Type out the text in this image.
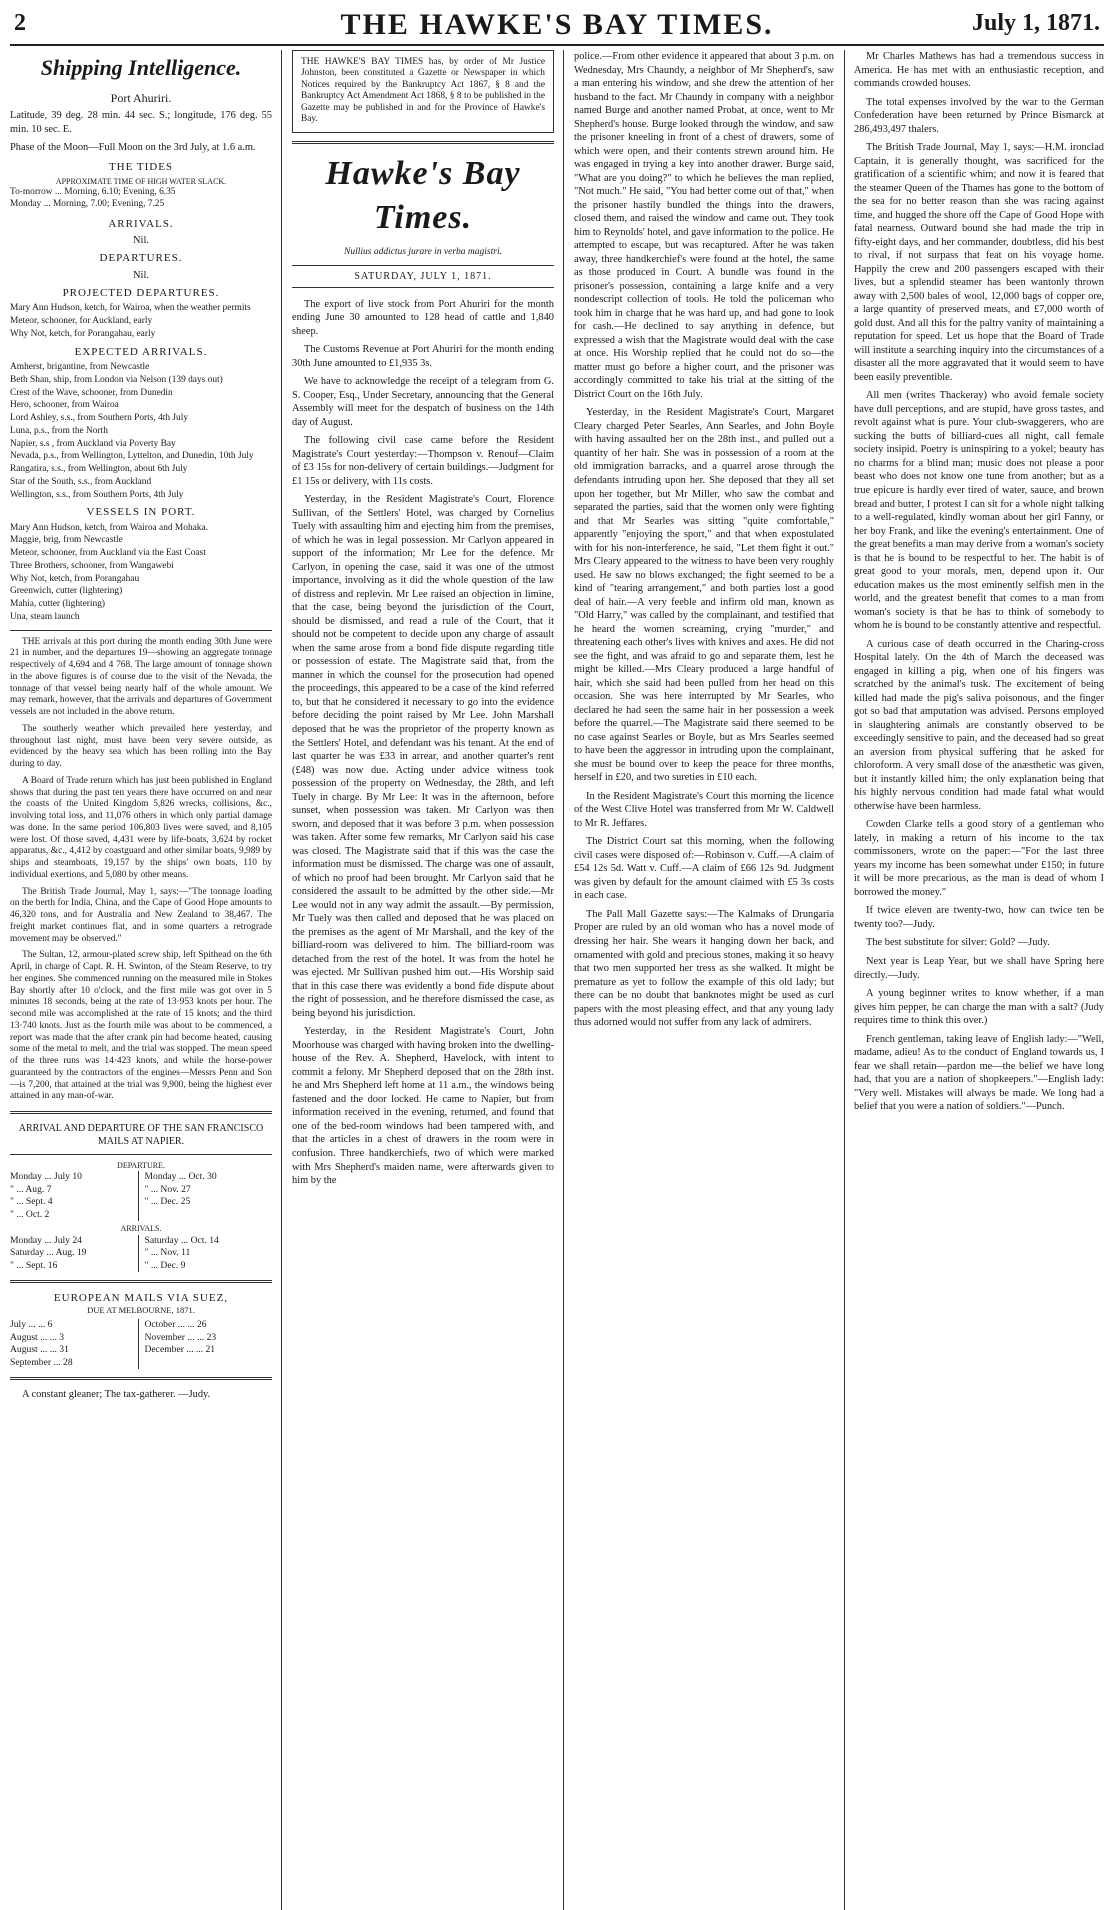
2	THE HAWKE'S BAY TIMES.	July 1, 1871.
Shipping Intelligence.
Port Ahuriri.

Latitude, 39 deg. 28 min. 44 sec. S.; longitude, 176 deg. 55 min. 10 sec. E.

Phase of the Moon—Full Moon on the 3rd July, at 1.6 a.m.

THE TIDES
APPROXIMATE TIME OF HIGH WATER SLACK.
To-morrow ... Morning, 6.10; Evening, 6.35
Monday ... Morning, 7.00; Evening, 7.25
ARRIVALS.
Nil.
DEPARTURES.
Nil.
PROJECTED DEPARTURES.
Mary Ann Hudson, ketch, for Wairoa, when the weather permits
Meteor, schooner, for Auckland, early
Why Not, ketch, for Porangahau, early
EXPECTED ARRIVALS.
Amherst, brigantine, from Newcastle
Beth Shan, ship, from London via Nelson (139 days out)
Crest of the Wave, schooner, from Dunedin
Hero, schooner, from Wairoa
Lord Ashley, s.s., from Southern Ports, 4th July
Luna, p.s., from the North
Napier, s.s , from Auckland via Poverty Bay
Nevada, p.s., from Wellington, Lyttelton, and Dunedin, 10th July
Rangatira, s.s., from Wellington, about 6th July
Star of the South, s.s., from Auckland
Wellington, s.s., from Southern Ports, 4th July
VESSELS IN PORT.
Mary Ann Hudson, ketch, from Wairoa and Mohaka.
Maggie, brig, from Newcastle
Meteor, schooner, from Auckland via the East Coast
Three Brothers, schooner, from Wangawebi
Why Not, ketch, from Porangahau
Greenwich, cutter (lightering)
Mahia, cutter (lightering)
Una, steam launch

THE arrivals at this port during the month ending 30th June were 21 in number, and the departures 19—showing an aggregate tonnage respectively of 4,694 and 4 768. The large amount of tonnage shown in the above figures is of course due to the visit of the Nevada, the tonnage of that vessel being nearly half of the whole amount. We may remark, however, that the arrivals and departures of Government vessels are not included in the above return.

The southerly weather which prevailed here yesterday, and throughout last night, must have been very severe outside, as evidenced by the heavy sea which has been rolling into the Bay during to day.

A Board of Trade return which has just been published in England shows that during the past ten years there have occurred on and near the coasts of the United Kingdom 5,826 wrecks, collisions, &c., involving total loss, and 11,076 others in which only partial damage was done. In the same period 106,803 lives were saved, and 8,105 were lost. Of those saved, 4,431 were by life-boats, 3,624 by rocket apparatus, &c., 4,412 by coastguard and other similar boats, 9,989 by ships and steamboats, 19,157 by the ships' own boats, 110 by individual exertions, and 5,080 by other means.

The British Trade Journal, May 1, says:—"The tonnage loading on the berth for India, China, and the Cape of Good Hope amounts to 46,320 tons, and for Australia and New Zealand to 38,467. The freight market continues flat, and in some quarters a retrograde movement may be observed."

The Sultan, 12, armour-plated screw ship, left Spithead on the 6th April, in charge of Capt. R. H. Swinton, of the Steam Reserve, to try her engines. She commenced running on the measured mile in Stokes Bay shortly after 10 o'clock, and the first mile was got over in 5 minutes 18 seconds, being at the rate of 13·953 knots per hour. The second mile was accomplished at the rate of 15 knots; and the third 13·740 knots. Just as the fourth mile was about to be commenced, a report was made that the after crank pin had become heated, causing some of the metal to melt, and the trial was stopped. The mean speed of the three runs was 14·423 knots, and while the horse-power guaranteed by the contractors of the engines—Messrs Penn and Son—is 7,200, that attained at the trial was 9,900, being the highest ever attained in any man-of-war.

ARRIVAL AND DEPARTURE OF THE SAN FRANCISCO MAILS AT NAPIER.
DEPARTURE.
Monday ... July 10	Monday ... Oct. 30
" ... Aug. 7	" ... Nov. 27
" ... Sept. 4	" ... Dec. 25
" ... Oct. 2
ARRIVALS.
Monday ... July 24	Saturday ... Oct. 14
Saturday ... Aug. 19	" ... Nov. 11
" ... Sept. 16	" ... Dec. 9
EUROPEAN MAILS VIA SUEZ,
DUE AT MELBOURNE, 1871.
July ... ... 6	October ... ... 26
August ... ... 3	November ... ... 23
August ... ... 31	December ... ... 21
September ... 28

A constant gleaner; The tax-gatherer. —Judy.

THE HAWKE'S BAY TIMES has, by order of Mr Justice Johnston, been constituted a Gazette or Newspaper in which Notices required by the Bankruptcy Act 1867, § 8 and the Bankruptcy Act Amendment Act 1868, § 8 to be published in the Gazette may be published in and for the Province of Hawke's Bay.
Hawke's Bay Times.
Nullius addictus jurare in verba magistri.
SATURDAY, JULY 1, 1871.

The export of live stock from Port Ahuriri for the month ending June 30 amounted to 128 head of cattle and 1,840 sheep.

The Customs Revenue at Port Ahuriri for the month ending 30th June amounted to £1,935 3s.

We have to acknowledge the receipt of a telegram from G. S. Cooper, Esq., Under Secretary, announcing that the General Assembly will meet for the despatch of business on the 14th day of August.

The following civil case came before the Resident Magistrate's Court yesterday:—Thompson v. Renouf—Claim of £3 15s for non-delivery of certain buildings.—Judgment for £1 15s or delivery, with 11s costs.

Yesterday, in the Resident Magistrate's Court, Florence Sullivan, of the Settlers' Hotel, was charged by Cornelius Tuely with assaulting him and ejecting him from the premises, of which he was in legal possession. Mr Carlyon appeared in support of the information; Mr Lee for the defence. Mr Carlyon, in opening the case, said it was one of the utmost importance, involving as it did the whole question of the law of distress and replevin. Mr Lee raised an objection in limine, that the case, being beyond the jurisdiction of the Court, should be dismissed, and read a rule of the Court, that it should not be competent to decide upon any charge of assault when the same arose from a bond fide dispute regarding title or possession of estate. The Magistrate said that, from the manner in which the counsel for the prosecution had opened the proceedings, this appeared to be a case of the kind referred to, but that he considered it necessary to go into the evidence before deciding the point raised by Mr Lee. John Marshall deposed that he was the proprietor of the property known as the Settlers' Hotel, and defendant was his tenant. At the end of last quarter he was £33 in arrear, and another quarter's rent (£48) was now due. Acting under advice witness took possession of the property on Wednesday, the 28th, and left Tuely in charge. By Mr Lee: It was in the afternoon, before sunset, when possession was taken. Mr Carlyon was then sworn, and deposed that it was before 3 p.m. when possession was taken. After some few remarks, Mr Carlyon said his case was closed. The Magistrate said that if this was the case the information must be dismissed. The charge was one of assault, of which no proof had been brought. Mr Carlyon said that he considered the assault to be admitted by the other side.—Mr Lee would not in any way admit the assault.—By permission, Mr Tuely was then called and deposed that he was placed on the premises as the agent of Mr Marshall, and the key of the billiard-room was delivered to him. The billiard-room was detached from the rest of the hotel. It was from the hotel he was ejected. Mr Sullivan pushed him out.—His Worship said that in this case there was evidently a bond fide dispute about the right of possession, and he therefore dismissed the case, as being beyond his jurisdiction.

Yesterday, in the Resident Magistrate's Court, John Moorhouse was charged with having broken into the dwelling-house of the Rev. A. Shepherd, Havelock, with intent to commit a felony. Mr Shepherd deposed that on the 28th inst. he and Mrs Shepherd left home at 11 a.m., the windows being fastened and the door locked. He came to Napier, but from information received in the evening, returned, and found that one of the bed-room windows had been tampered with, and that the articles in a chest of drawers in the room were in confusion. Three handkerchiefs, two of which were marked with Mrs Shepherd's maiden name, were afterwards given to him by the

police.—From other evidence it appeared that about 3 p.m. on Wednesday, Mrs Chaundy, a neighbor of Mr Shepherd's, saw a man entering his window, and she drew the attention of her husband to the fact. Mr Chaundy in company with a neighbor named Burge and another named Probat, at once, went to Mr Shepherd's house. Burge looked through the window, and saw the prisoner kneeling in front of a chest of drawers, some of which were open, and their contents strewn around him. He was engaged in trying a key into another drawer. Burge said, "What are you doing?" to which he believes the man replied, "Not much." He said, "You had better come out of that," when the prisoner hastily bundled the things into the drawers, closed them, and raised the window and came out. They took him to Reynolds' hotel, and gave information to the police. He attempted to escape, but was recaptured. After he was taken away, three handkerchief's were found at the hotel, the same as those produced in Court. A bundle was found in the prisoner's possession, containing a large knife and a very nondescript collection of tools. He told the policeman who took him in charge that he was hard up, and had gone to look for cash.—He declined to say anything in defence, but expressed a wish that the Magistrate would deal with the case at once. His Worship replied that he could not do so—the matter must go before a higher court, and the prisoner was accordingly committed to take his trial at the sitting of the District Court on the 16th July.

Yesterday, in the Resident Magistrate's Court, Margaret Cleary charged Peter Searles, Ann Searles, and John Boyle with having assaulted her on the 28th inst., and pulled out a quantity of her hair. She was in possession of a room at the old immigration barracks, and a quarrel arose through the defendants intruding upon her. She deposed that they all set upon her together, but Mr Miller, who saw the combat and separated the parties, said that the women only were fighting and that Mr Searles was sitting "quite comfortable," apparently "enjoying the sport," and that when expostulated with for his non-interference, he said, "Let them fight it out." Mrs Cleary appeared to the witness to have been very roughly used. He saw no blows exchanged; the fight seemed to be a kind of "tearing arrangement," and both parties lost a good deal of hair.—A very feeble and infirm old man, known as "Old Harry," was called by the complainant, and testified that he heard the women screaming, crying "murder," and threatening each other's lives with knives and axes. He did not see the fight, and was afraid to go and separate them, lest he might be killed.—Mrs Cleary produced a large handful of hair, which she said had been pulled from her head on this occasion. She was here interrupted by Mr Searles, who declared he had seen the same hair in her possession a week before the quarrel.—The Magistrate said there seemed to be no case against Searles or Boyle, but as Mrs Searles seemed to have been the aggressor in intruding upon the complainant, she must be bound over to keep the peace for three months, herself in £20, and two sureties in £10 each.

In the Resident Magistrate's Court this morning the licence of the West Clive Hotel was transferred from Mr W. Caldwell to Mr R. Jeffares.

The District Court sat this morning, when the following civil cases were disposed of:—Robinson v. Cuff.—A claim of £54 12s 5d. Watt v. Cuff.—A claim of £66 12s 9d. Judgment was given by default for the amount claimed with £5 3s costs in each case.

The Pall Mall Gazette says:—The Kalmaks of Drungaria Proper are ruled by an old woman who has a novel mode of dressing her hair. She wears it hanging down her back, and ornamented with gold and precious stones, making it so heavy that two men supported her tress as she walked. It might be premature as yet to follow the example of this old lady; but there can be no doubt that banknotes might be used as curl papers with the most pleasing effect, and that any young lady thus adorned would not suffer from any lack of admirers.

Mr Charles Mathews has had a tremendous success in America. He has met with an enthusiastic reception, and commands crowded houses.

The total expenses involved by the war to the German Confederation have been returned by Prince Bismarck at 286,493,497 thalers.

The British Trade Journal, May 1, says:—H.M. ironclad Captain, it is generally thought, was sacrificed for the gratification of a scientific whim; and now it is feared that the steamer Queen of the Thames has gone to the bottom of the sea for no better reason than she was racing against time, and hugged the shore off the Cape of Good Hope with fatal nearness. Outward bound she had made the trip in fifty-eight days, and her commander, doubtless, did his best to rival, if not surpass that feat on his voyage home. Happily the crew and 200 passengers escaped with their lives, but a splendid steamer has been wantonly thrown away with 2,500 bales of wool, 12,000 bags of copper ore, a large quantity of preserved meats, and £7,000 worth of gold dust. And all this for the paltry vanity of maintaining a reputation for speed. Let us hope that the Board of Trade will institute a searching inquiry into the circumstances of a disaster all the more aggravated that it would seem to have been easily preventible.

All men (writes Thackeray) who avoid female society have dull perceptions, and are stupid, have gross tastes, and revolt against what is pure. Your club-swaggerers, who are sucking the butts of billiard-cues all night, call female society insipid. Poetry is uninspiring to a yokel; beauty has no charms for a blind man; music does not please a poor beast who does not know one tune from another; but as a true epicure is hardly ever tired of water, sauce, and brown bread and butter, I protest I can sit for a whole night talking to a well-regulated, kindly woman about her girl Fanny, or her boy Frank, and like the evening's entertainment. One of the great benefits a man may derive from a woman's society is that he is bound to be respectful to her. The habit is of great good to your morals, men, depend upon it. Our education makes us the most eminently selfish men in the world, and the greatest benefit that comes to a man from woman's society is that he has to think of somebody to whom he is bound to be constantly attentive and respectful.

A curious case of death occurred in the Charing-cross Hospital lately. On the 4th of March the deceased was engaged in killing a pig, when one of his fingers was scratched by the animal's tusk. The excitement of being killed had made the pig's saliva poisonous, and the finger got so bad that amputation was advised. Persons employed in slaughtering animals are constantly observed to be exceedingly sensitive to pain, and the deceased had so great an aversion from physical suffering that he asked for chloroform. A very small dose of the anæsthetic was given, but it instantly killed him; the only explanation being that his highly nervous condition had made fatal what would otherwise have been harmless.

Cowden Clarke tells a good story of a gentleman who lately, in making a return of his income to the tax commissoners, wrote on the paper:—"For the last three years my income has been somewhat under £150; in future it will be more precarious, as the man is dead of whom I borrowed the money."

If twice eleven are twenty-two, how can twice ten be twenty too?—Judy.

The best substitute for silver: Gold? —Judy.

Next year is Leap Year, but we shall have Spring here directly.—Judy.

A young beginner writes to know whether, if a man gives him pepper, he can charge the man with a salt? (Judy requires time to think this over.)

French gentleman, taking leave of English lady:—"Well, madame, adieu! As to the conduct of England towards us, I fear we shall retain—pardon me—the belief we have long had, that you are a nation of shopkeepers."—English lady: "Very well. Mistakes will always be made. We long had a belief that you were a nation of soldiers."—Punch.
